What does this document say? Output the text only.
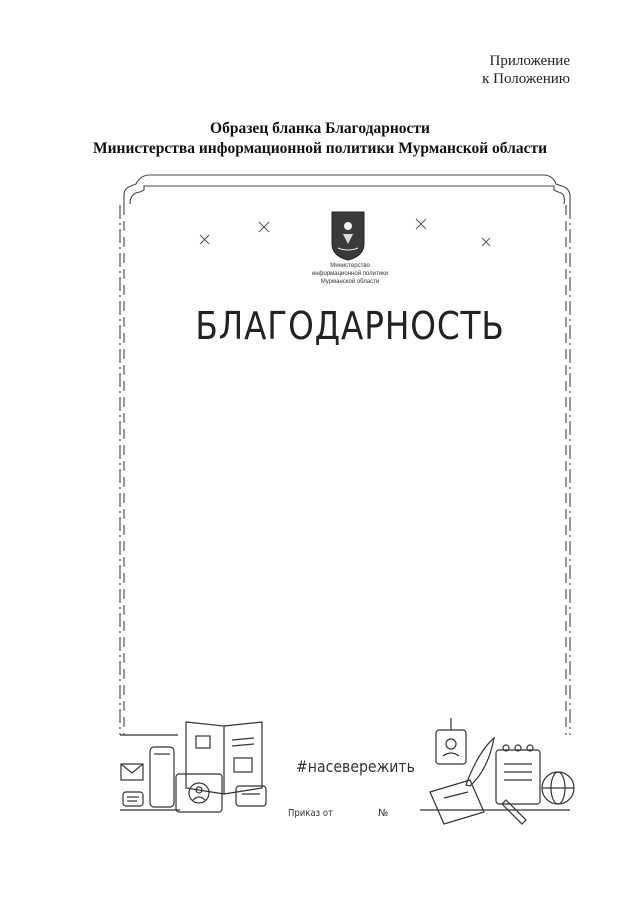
Приложение
к Положению
Образец бланка Благодарности
Министерства информационной политики Мурманской области
Министерство
информационной политики
Мурманской области
БЛАГОДАРНОСТЬ
#насевережить
Приказ от	№
